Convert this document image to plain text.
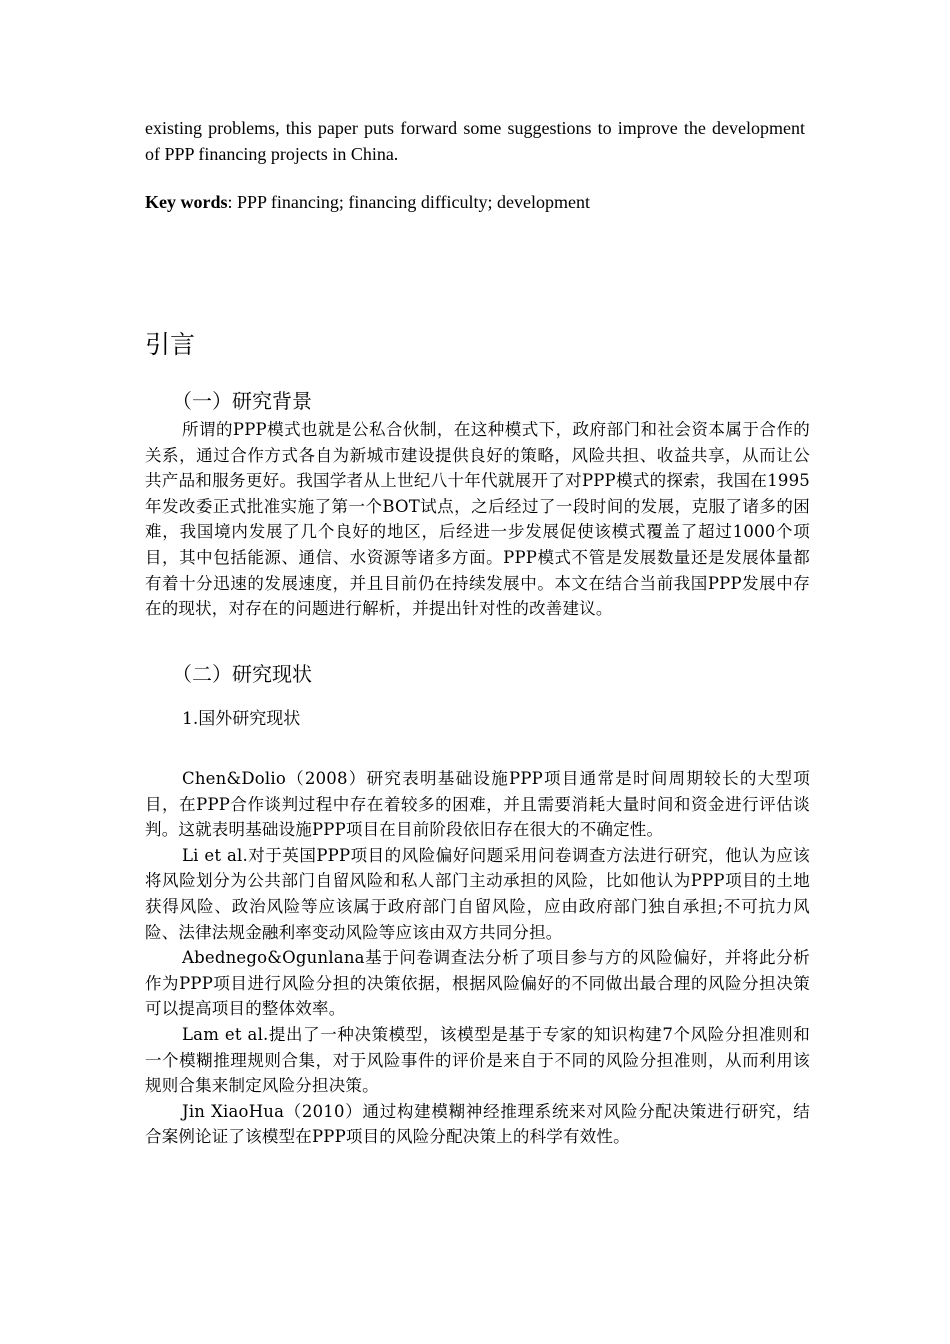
existing problems, this paper puts forward some suggestions to improve the development of PPP financing projects in China.
Key words: PPP financing; financing difficulty; development
引言
（一）研究背景

所谓的PPP模式也就是公私合伙制，在这种模式下，政府部门和社会资本属于合作的关系，通过合作方式各自为新城市建设提供良好的策略，风险共担、收益共享，从而让公共产品和服务更好。我国学者从上世纪八十年代就展开了对PPP模式的探索，我国在1995年发改委正式批准实施了第一个BOT试点，之后经过了一段时间的发展，克服了诸多的困难，我国境内发展了几个良好的地区，后经进一步发展促使该模式覆盖了超过1000个项目，其中包括能源、通信、水资源等诸多方面。PPP模式不管是发展数量还是发展体量都有着十分迅速的发展速度，并且目前仍在持续发展中。本文在结合当前我国PPP发展中存在的现状，对存在的问题进行解析，并提出针对性的改善建议。

（二）研究现状
1.国外研究现状

Chen&Dolio（2008）研究表明基础设施PPP项目通常是时间周期较长的大型项目，在PPP合作谈判过程中存在着较多的困难，并且需要消耗大量时间和资金进行评估谈判。这就表明基础设施PPP项目在目前阶段依旧存在很大的不确定性。

Li et al.对于英国PPP项目的风险偏好问题采用问卷调查方法进行研究，他认为应该将风险划分为公共部门自留风险和私人部门主动承担的风险，比如他认为PPP项目的土地获得风险、政治风险等应该属于政府部门自留风险，应由政府部门独自承担;不可抗力风险、法律法规金融利率变动风险等应该由双方共同分担。

Abednego&Ogunlana基于问卷调查法分析了项目参与方的风险偏好，并将此分析作为PPP项目进行风险分担的决策依据，根据风险偏好的不同做出最合理的风险分担决策可以提高项目的整体效率。

Lam et al.提出了一种决策模型，该模型是基于专家的知识构建7个风险分担准则和一个模糊推理规则合集，对于风险事件的评价是来自于不同的风险分担准则，从而利用该规则合集来制定风险分担决策。

Jin XiaoHua（2010）通过构建模糊神经推理系统来对风险分配决策进行研究，结合案例论证了该模型在PPP项目的风险分配决策上的科学有效性。
